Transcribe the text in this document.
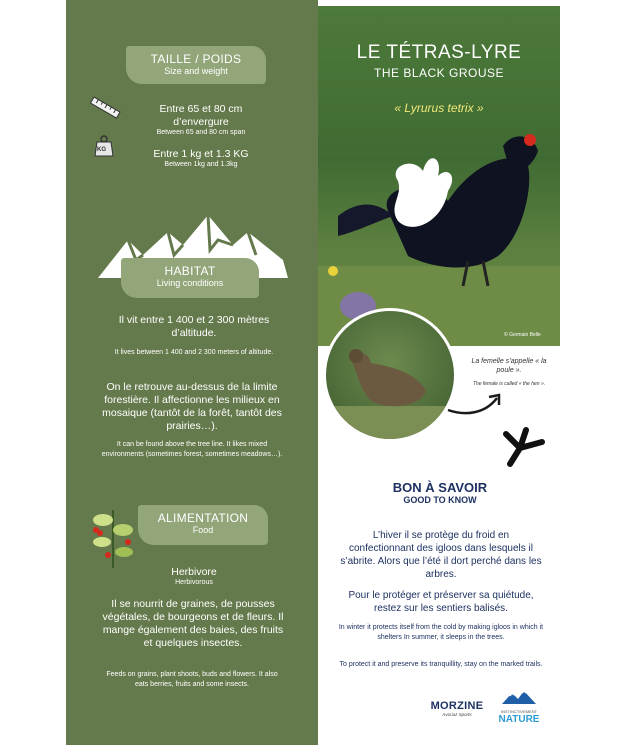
TAILLE / POIDS
Size and weight
Entre 65 et 80 cm d’envergure
Between 65 and 80 cm span
KG	Entre 1 kg et 1.3 KG
Between 1kg and 1.3kg
HABITAT
Living conditions
Il vit entre 1 400 et 2 300 mètres d’altitude.
It lives between 1 400 and 2 300 meters of altitude.
On le retrouve au-dessus de la limite forestière. Il affectionne les milieux en mosaique (tantôt de la forêt, tantôt des prairies…).
It can be found above the tree line. It likes mixed environments (sometimes forest, sometimes meadows…).
ALIMENTATION
Food
Herbivore
Herbivorous
Il se nourrit de graines, de pousses végétales, de bourgeons et de fleurs. Il mange également des baies, des fruits et quelques insectes.
Feeds on grains, plant shoots, buds and flowers. It also eats berries, fruits and some insects.
LE TÉTRAS-LYRE
THE BLACK GROUSE
« Lyrurus tetrix »
© Germain Belle
La femelle s’appelle « la poule ».
The female is called « the hen ».
BON À SAVOIR
GOOD TO KNOW
L’hiver il se protège du froid en confectionnant des igloos dans lesquels il s’abrite. Alors que l’été il dort perché dans les arbres.
Pour le protéger et préserver sa quiétude, restez sur les sentiers balisés.
In winter it protects itself from the cold by making igloos in which it shelters In summer, it sleeps in the trees.
To protect it and preserve its tranquillity, stay on the marked trails.
MORZINE
Avoriaz Sports
INSTINCTIVEMENT
NATURE
